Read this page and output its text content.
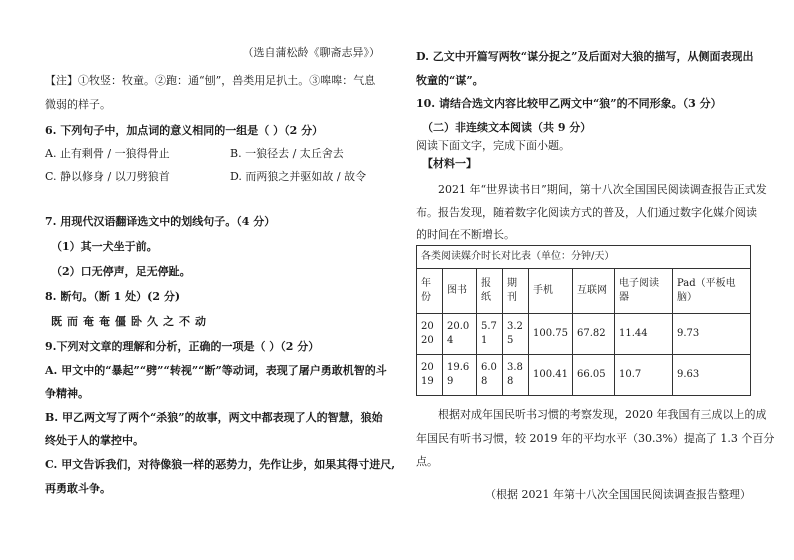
（选自蒲松龄《聊斋志异》）
【注】①牧竖：牧童。②跑：通“刨”，兽类用足扒土。③嗥嗥：气息
微弱的样子。
6. 下列句子中，加点词的意义相同的一组是（ ）（2 分）
A. 止有剩骨 / 一狼得骨止	B. 一狼径去 / 太丘舍去
C. 静以修身 / 以刀劈狼首	D. 而两狼之并驱如故 / 故令
7. 用现代汉语翻译选文中的划线句子。（4 分）
（1）其一犬坐于前。
（2）口无停声，足无停趾。
8. 断句。（断 1 处）(2 分)
既 而 奄 奄 僵 卧 久 之 不 动
9.下列对文章的理解和分析，正确的一项是（ ）（2 分）
A. 甲文中的“暴起”“劈”“转视”“断”等动词，表现了屠户勇敢机智的斗
争精神。
B. 甲乙两文写了两个“杀狼”的故事，两文中都表现了人的智慧，狼始
终处于人的掌控中。
C. 甲文告诉我们，对待像狼一样的恶势力，先作让步，如果其得寸进尺,
再勇敢斗争。
D. 乙文中开篇写两牧“谋分捉之”及后面对大狼的描写，从侧面表现出
牧童的“谋”。
10. 请结合选文内容比较甲乙两文中“狼”的不同形象。（3 分）
（二）非连续文本阅读（共 9 分）
阅读下面文字，完成下面小题。
【材料一】
2021 年“世界读书日”期间，第十八次全国国民阅读调查报告正式发
布。报告发现，随着数字化阅读方式的普及，人们通过数字化媒介阅读
的时间在不断增长。
各类阅读媒介时长对比表（单位：分钟/天）							
年份	图书	报纸	期刊	手机	互联网	电子阅读器	Pad（平板电脑）
2020	20.04	5.71	3.25	100.75	67.82	11.44	9.73
2019	19.69	6.08	3.88	100.41	66.05	10.7	9.63
根据对成年国民听书习惯的考察发现，2020 年我国有三成以上的成
年国民有听书习惯，较 2019 年的平均水平（30.3%）提高了 1.3 个百分
点。
（根据 2021 年第十八次全国国民阅读调查报告整理）
